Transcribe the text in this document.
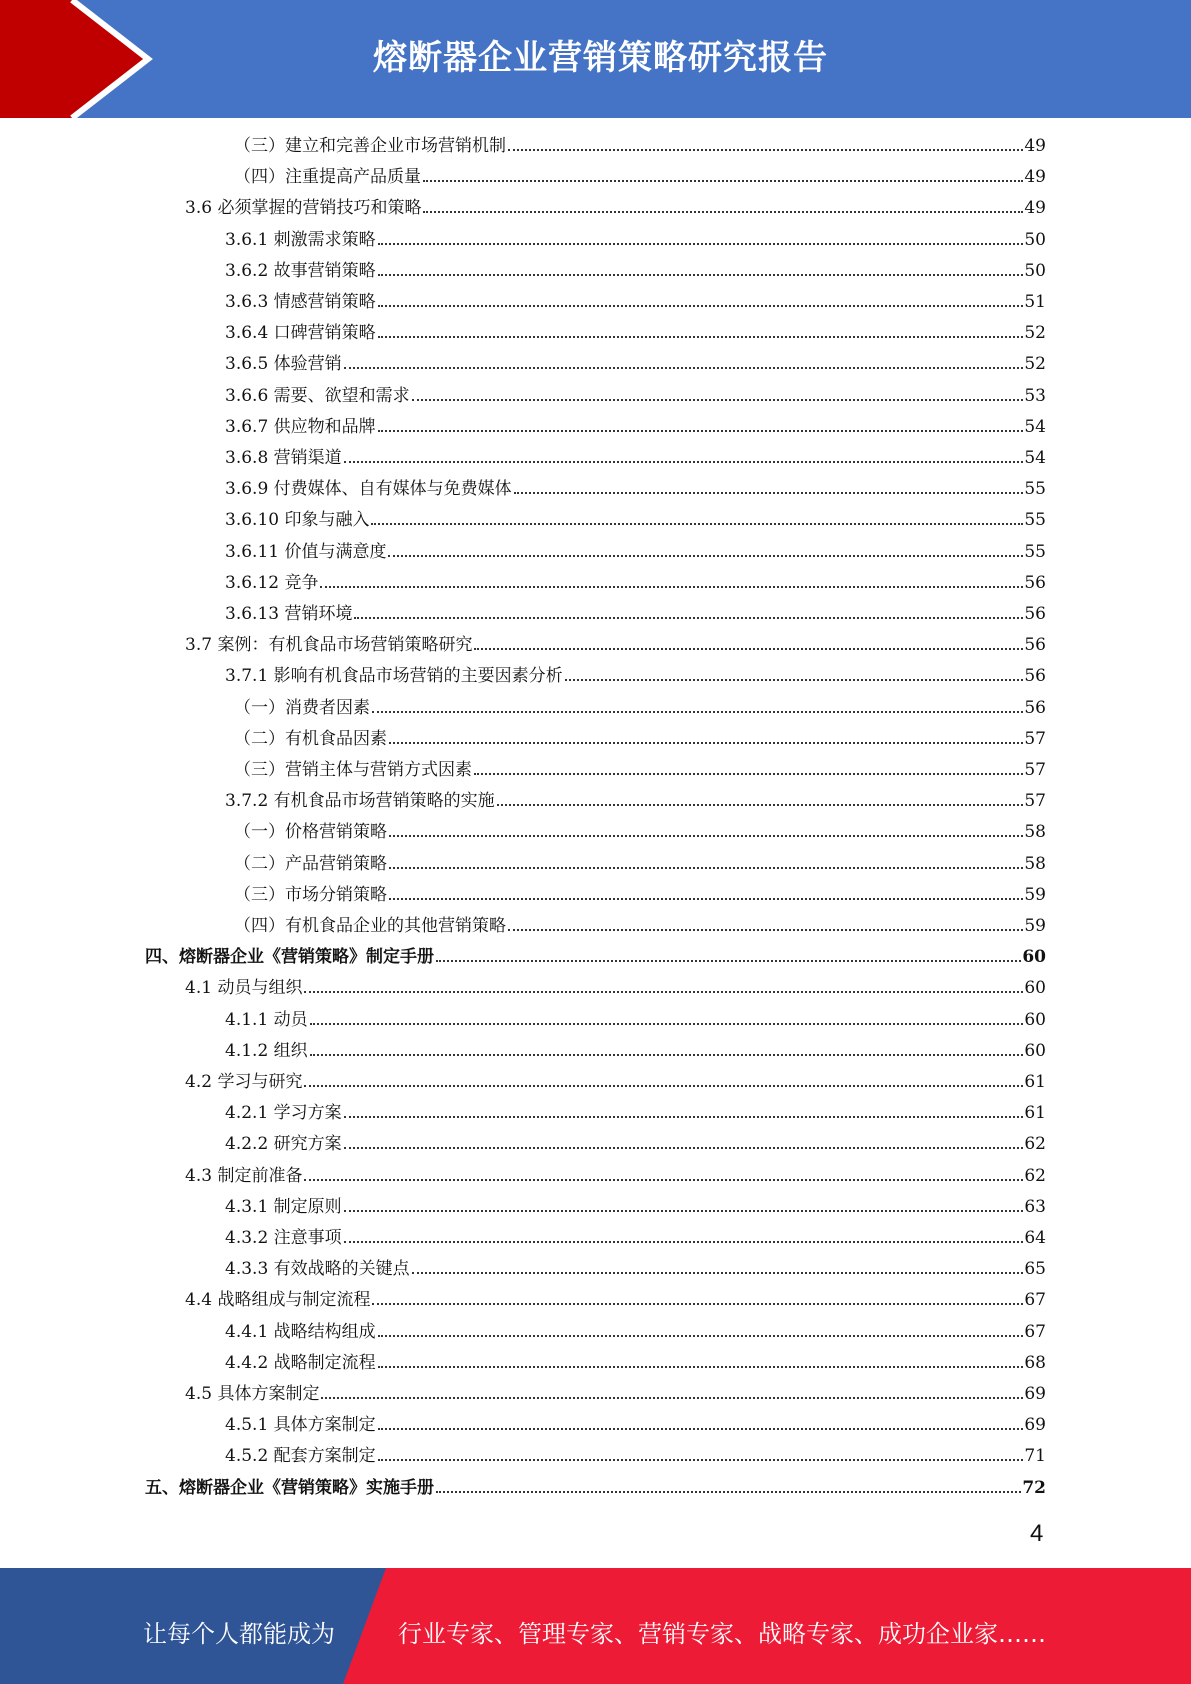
熔断器企业营销策略研究报告
（三）建立和完善企业市场营销机制	49
（四）注重提高产品质量	49
3.6 必须掌握的营销技巧和策略	49
3.6.1 刺激需求策略	50
3.6.2 故事营销策略	50
3.6.3 情感营销策略	51
3.6.4 口碑营销策略	52
3.6.5 体验营销	52
3.6.6 需要、欲望和需求	53
3.6.7 供应物和品牌	54
3.6.8 营销渠道	54
3.6.9 付费媒体、自有媒体与免费媒体	55
3.6.10 印象与融入	55
3.6.11 价值与满意度	55
3.6.12 竞争	56
3.6.13 营销环境	56
3.7 案例：有机食品市场营销策略研究	56
3.7.1 影响有机食品市场营销的主要因素分析	56
（一）消费者因素	56
（二）有机食品因素	57
（三）营销主体与营销方式因素	57
3.7.2 有机食品市场营销策略的实施	57
（一）价格营销策略	58
（二）产品营销策略	58
（三）市场分销策略	59
（四）有机食品企业的其他营销策略	59
四、熔断器企业《营销策略》制定手册	60
4.1 动员与组织	60
4.1.1 动员	60
4.1.2 组织	60
4.2 学习与研究	61
4.2.1 学习方案	61
4.2.2 研究方案	62
4.3 制定前准备	62
4.3.1 制定原则	63
4.3.2 注意事项	64
4.3.3 有效战略的关键点	65
4.4 战略组成与制定流程	67
4.4.1 战略结构组成	67
4.4.2 战略制定流程	68
4.5 具体方案制定	69
4.5.1 具体方案制定	69
4.5.2 配套方案制定	71
五、熔断器企业《营销策略》实施手册	72
4
让每个人都能成为	行业专家、管理专家、营销专家、战略专家、成功企业家……
